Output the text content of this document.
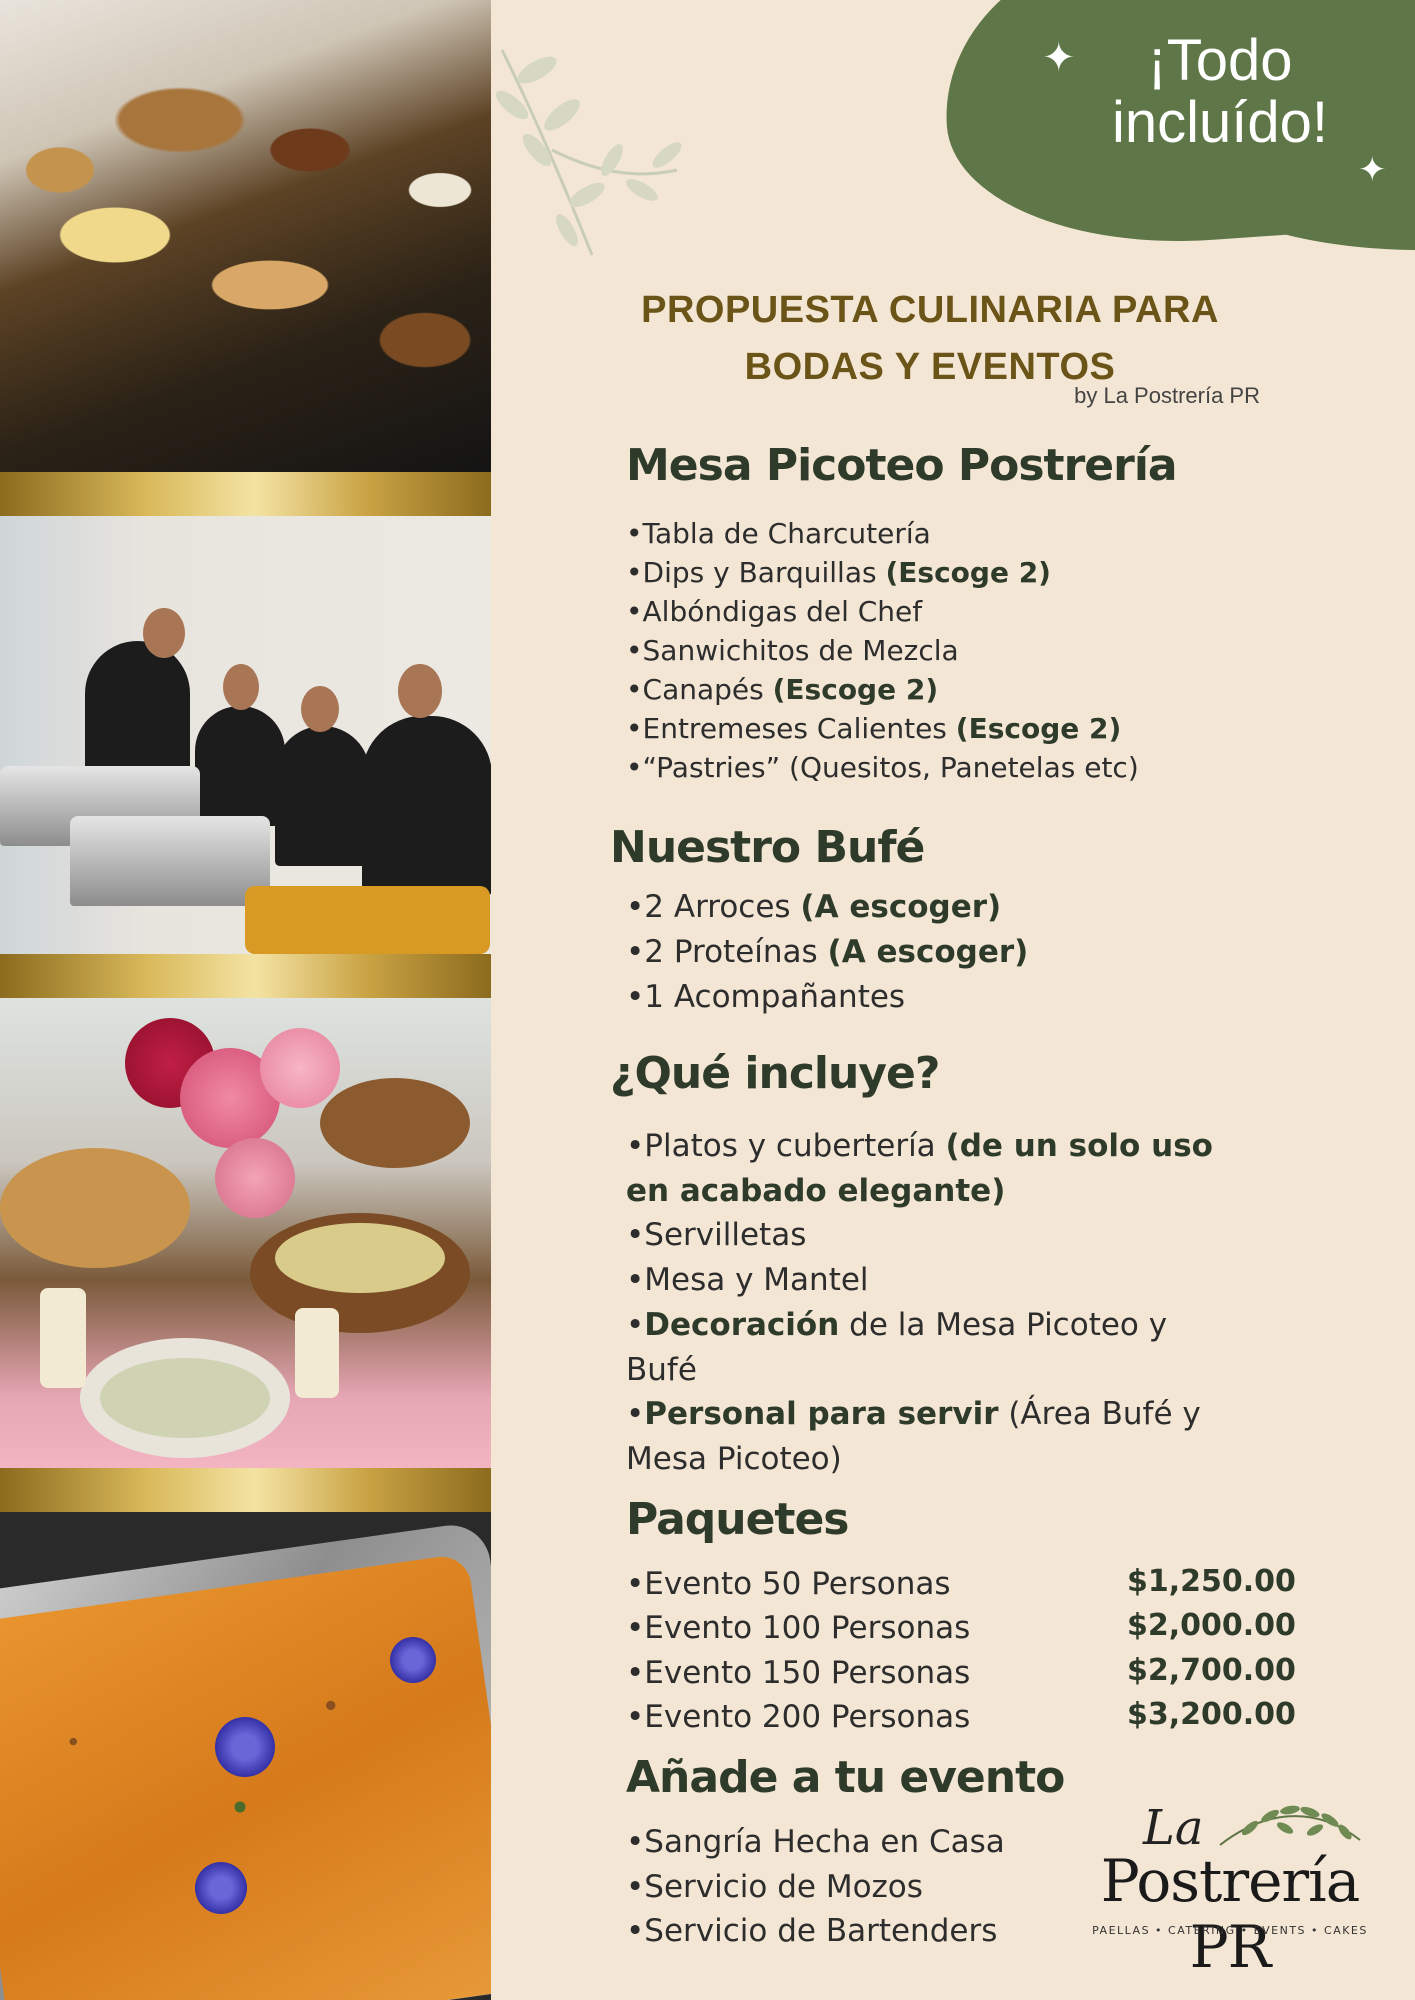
¡Todo
incluído!
✦
✦
PROPUESTA CULINARIA PARA
BODAS Y EVENTOS
by La Postrería PR
Mesa Picoteo Postrería
•Tabla de Charcutería
•Dips y Barquillas (Escoge 2)
•Albóndigas del Chef
•Sanwichitos de Mezcla
•Canapés (Escoge 2)
•Entremeses Calientes (Escoge 2)
•“Pastries” (Quesitos, Panetelas etc)
Nuestro Bufé
•2 Arroces (A escoger)
•2 Proteínas (A escoger)
•1 Acompañantes
¿Qué incluye?
•Platos y cubertería (de un solo uso en acabado elegante)
•Servilletas
•Mesa y Mantel
•Decoración de la Mesa Picoteo y Bufé
•Personal para servir (Área Bufé y Mesa Picoteo)
Paquetes
•Evento 50 Personas
•Evento 100 Personas
•Evento 150 Personas
•Evento 200 Personas
$1,250.00
$2,000.00
$2,700.00
$3,200.00
Añade a tu evento
•Sangría Hecha en Casa
•Servicio de Mozos
•Servicio de Bartenders
La
Postrería PR
PAELLAS • CATERING • EVENTS • CAKES
